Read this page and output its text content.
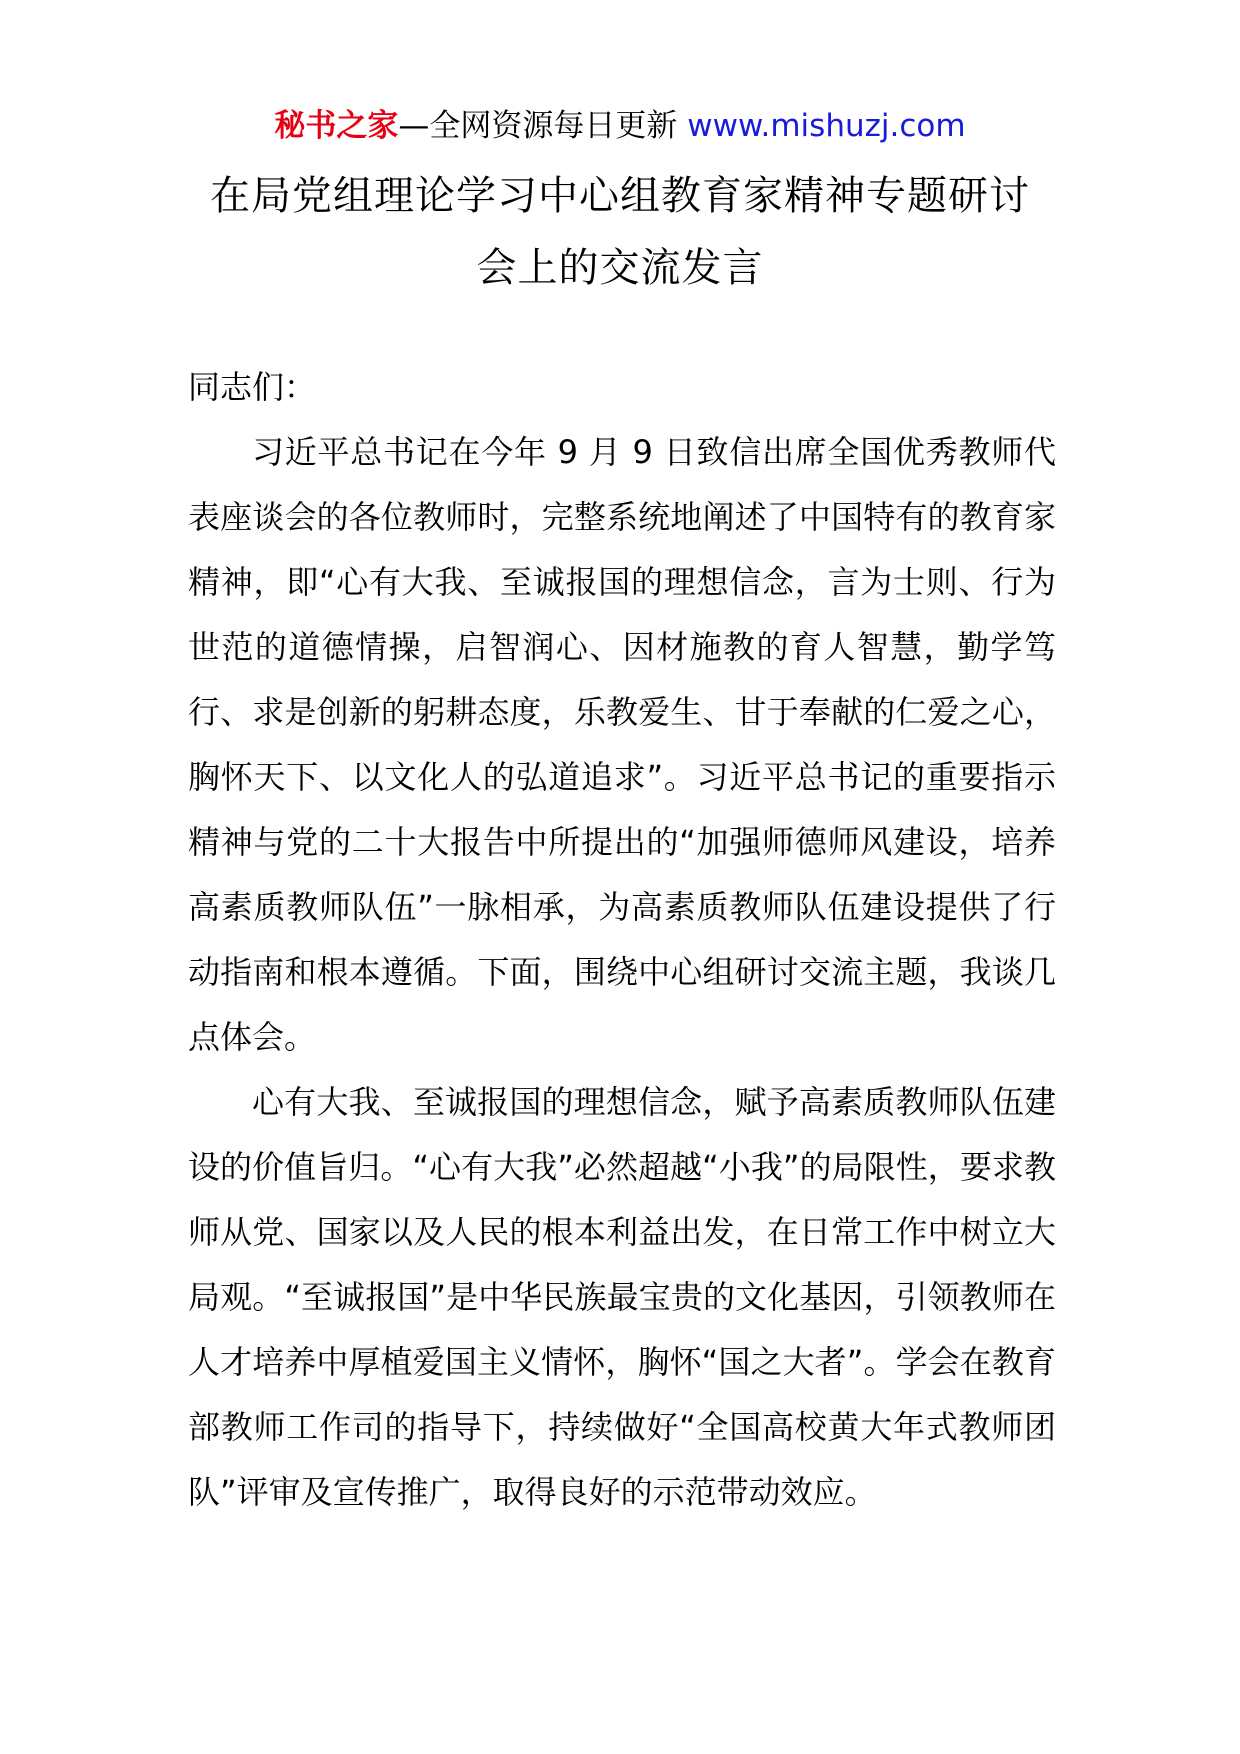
秘书之家—全网资源每日更新 www.mishuzj.com
在局党组理论学习中心组教育家精神专题研讨
会上的交流发言

同志们：

习近平总书记在今年 9 月 9 日致信出席全国优秀教师代表座谈会的各位教师时，完整系统地阐述了中国特有的教育家精神，即“心有大我、至诚报国的理想信念，言为士则、行为世范的道德情操，启智润心、因材施教的育人智慧，勤学笃行、求是创新的躬耕态度，乐教爱生、甘于奉献的仁爱之心，胸怀天下、以文化人的弘道追求”。习近平总书记的重要指示精神与党的二十大报告中所提出的“加强师德师风建设，培养高素质教师队伍”一脉相承，为高素质教师队伍建设提供了行动指南和根本遵循。下面，围绕中心组研讨交流主题，我谈几点体会。

心有大我、至诚报国的理想信念，赋予高素质教师队伍建设的价值旨归。“心有大我”必然超越“小我”的局限性，要求教师从党、国家以及人民的根本利益出发，在日常工作中树立大局观。“至诚报国”是中华民族最宝贵的文化基因，引领教师在人才培养中厚植爱国主义情怀，胸怀“国之大者”。学会在教育部教师工作司的指导下，持续做好“全国高校黄大年式教师团队”评审及宣传推广，取得良好的示范带动效应。
